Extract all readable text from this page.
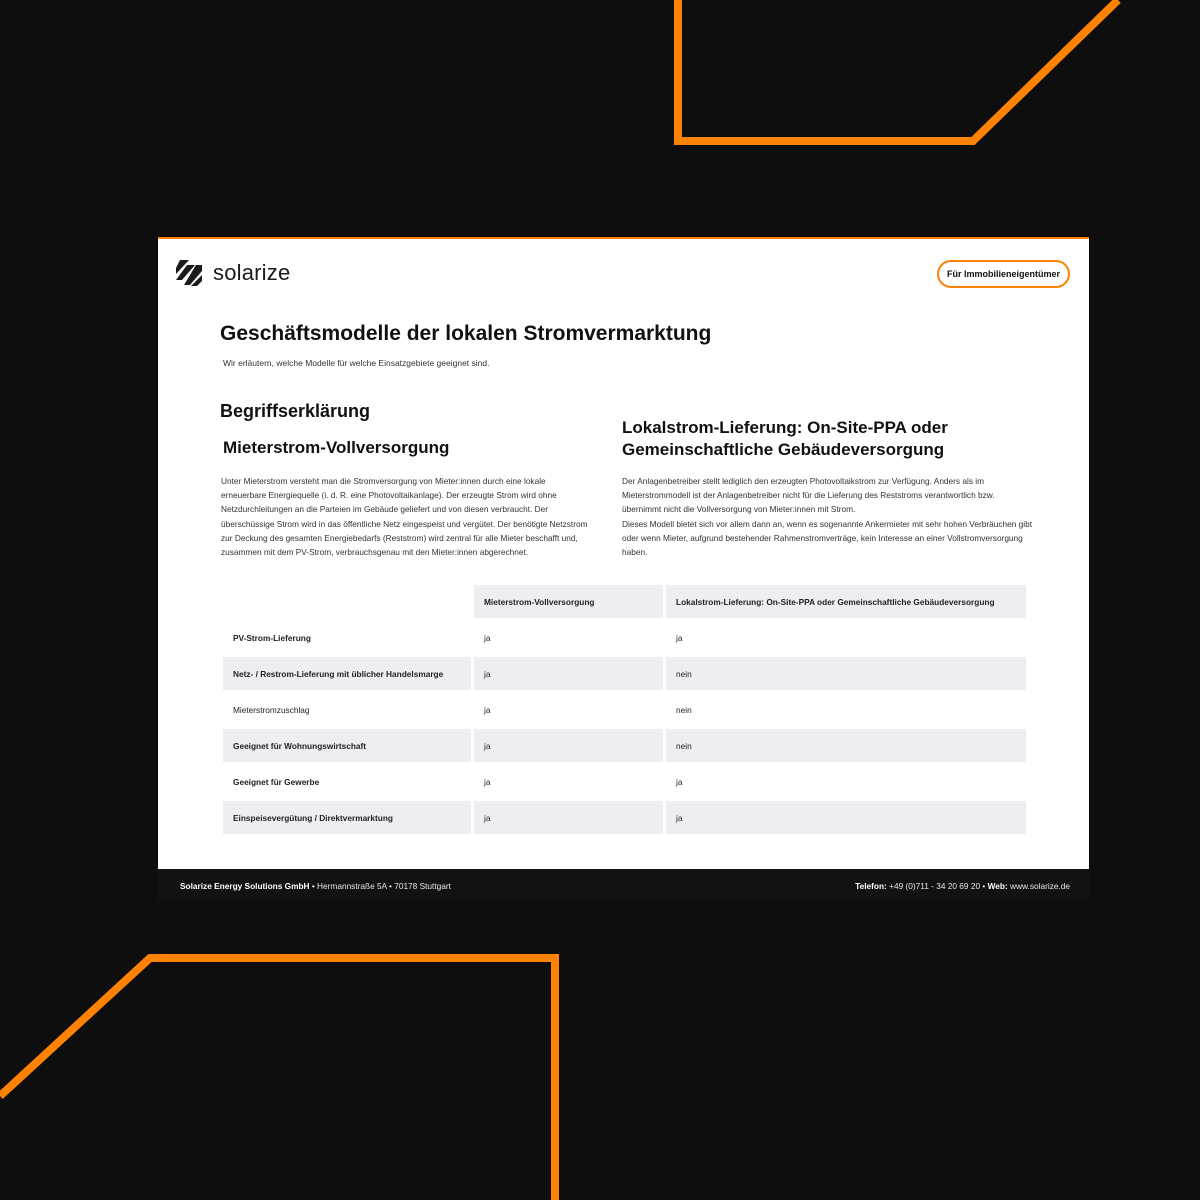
solarize	Für Immobilieneigentümer
Geschäftsmodelle der lokalen Stromvermarktung

Wir erläutern, welche Modelle für welche Einsatzgebiete geeignet sind.

Begriffserklärung
Mieterstrom-Vollversorgung
Lokalstrom-Lieferung: On-Site-PPA oder Gemeinschaftliche Gebäudeversorgung

Unter Mieterstrom versteht man die Stromversorgung von Mieter:innen durch eine lokale erneuerbare Energiequelle (i. d. R. eine Photovoltaikanlage). Der erzeugte Strom wird ohne Netzdurchleitungen an die Parteien im Gebäude geliefert und von diesen verbraucht. Der überschüssige Strom wird in das öffentliche Netz eingespeist und vergütet. Der benötigte Netzstrom zur Deckung des gesamten Energiebedarfs (Reststrom) wird zentral für alle Mieter beschafft und, zusammen mit dem PV-Strom, verbrauchsgenau mit den Mieter:innen abgerechnet.

Der Anlagenbetreiber stellt lediglich den erzeugten Photovoltaikstrom zur Verfügung. Anders als im Mieterstrommodell ist der Anlagenbetreiber nicht für die Lieferung des Reststroms verantwortlich bzw. übernimmt nicht die Vollversorgung von Mieter:innen mit Strom.
Dieses Modell bietet sich vor allem dann an, wenn es sogenannte Ankermieter mit sehr hohen Verbräuchen gibt oder wenn Mieter, aufgrund bestehender Rahmenstromverträge, kein Interesse an einer Vollstromversorgung haben.

	Mieterstrom-Vollversorgung	Lokalstrom-Lieferung: On-Site-PPA oder Gemeinschaftliche Gebäudeversorgung
PV-Strom-Lieferung	ja	ja
Netz- / Restrom-Lieferung mit üblicher Handelsmarge	ja	nein
Mieterstromzuschlag	ja	nein
Geeignet für Wohnungswirtschaft	ja	nein
Geeignet für Gewerbe	ja	ja
Einspeisevergütung / Direktvermarktung	ja	ja
Solarize Energy Solutions GmbH • Hermannstraße 5A • 70178 Stuttgart	Telefon: +49 (0)711 - 34 20 69 20 • Web: www.solarize.de
